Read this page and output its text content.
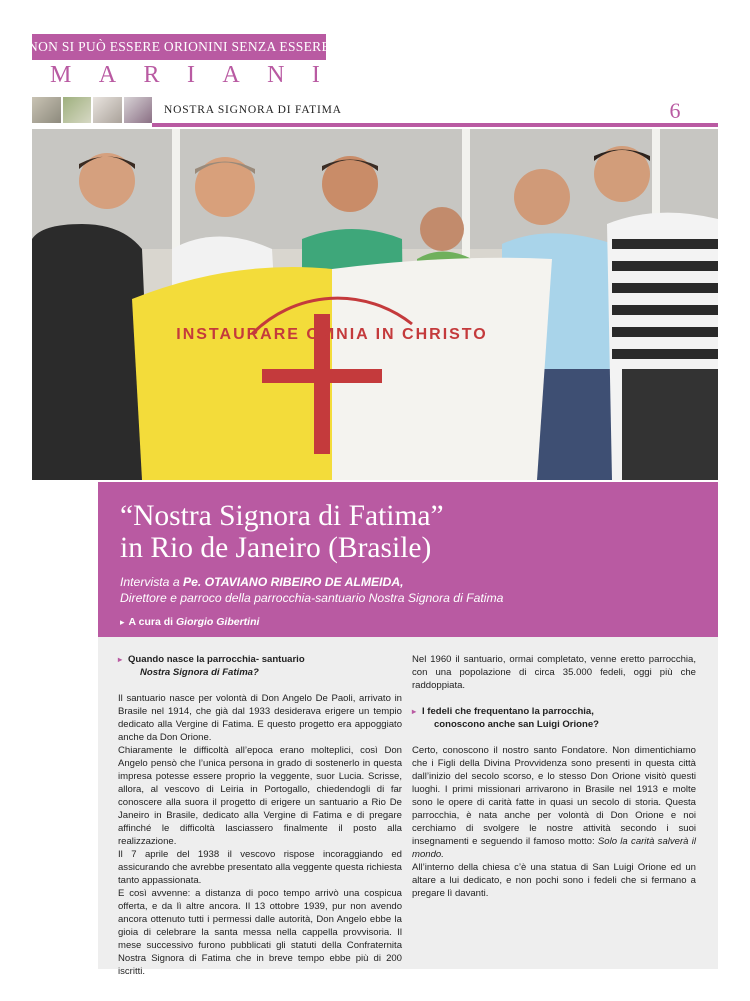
NON SI PUÒ ESSERE ORIONINI SENZA ESSERE
M A R I A N I
NOSTRA SIGNORA DI FATIMA	6
INSTAURARE OMNIA IN CHRISTO
“Nostra Signora di Fatima”
in Rio de Janeiro (Brasile)
Intervista a Pe. OTAVIANO RIBEIRO DE ALMEIDA,
Direttore e parroco della parrocchia-santuario Nostra Signora di Fatima
▸ A cura di Giorgio Gibertini
▸ Quando nasce la parrocchia- santuario
Nostra Signora di Fatima?

Il santuario nasce per volontà di Don Angelo De Paoli, arrivato in Brasile nel 1914, che già dal 1933 desiderava erigere un tempio dedicato alla Vergine di Fatima. E questo progetto era appoggiato anche da Don Orione.

Chiaramente le difficoltà all’epoca erano molteplici, così Don Angelo pensò che l’unica persona in grado di sostenerlo in questa impresa potesse essere proprio la veggente, suor Lucia. Scrisse, allora, al vescovo di Leiria in Portogallo, chiedendogli di far conoscere alla suora il progetto di erigere un santuario a Rio De Janeiro in Brasile, dedicato alla Vergine di Fatima e di pregare affinché le difficoltà lasciassero finalmente il posto alla realizzazione.

Il 7 aprile del 1938 il vescovo rispose incoraggiando ed assicurando che avrebbe presentato alla veggente questa richiesta tanto appassionata.

E così avvenne: a distanza di poco tempo arrivò una cospicua offerta, e da lì altre ancora. Il 13 ottobre 1939, pur non avendo ancora ottenuto tutti i permessi dalle autorità, Don Angelo ebbe la gioia di celebrare la santa messa nella cappella provvisoria. Il mese successivo furono pubblicati gli statuti della Confraternita Nostra Signora di Fatima che in breve tempo ebbe più di 200 iscritti.

Nel 1960 il santuario, ormai completato, venne eretto parrocchia, con una popolazione di circa 35.000 fedeli, oggi più che raddoppiata.

▸ I fedeli che frequentano la parrocchia,
conoscono anche san Luigi Orione?

Certo, conoscono il nostro santo Fondatore. Non dimentichiamo che i Figli della Divina Provvidenza sono presenti in questa città dall’inizio del secolo scorso, e lo stesso Don Orione visitò questi luoghi. I primi missionari arrivarono in Brasile nel 1913 e molte sono le opere di carità fatte in quasi un secolo di storia. Questa parrocchia, è nata anche per volontà di Don Orione e noi cerchiamo di svolgere le nostre attività secondo i suoi insegnamenti e seguendo il famoso motto: Solo la carità salverà il mondo.

All’interno della chiesa c’è una statua di San Luigi Orione ed un altare a lui dedicato, e non pochi sono i fedeli che si fermano a pregare lì davanti.
